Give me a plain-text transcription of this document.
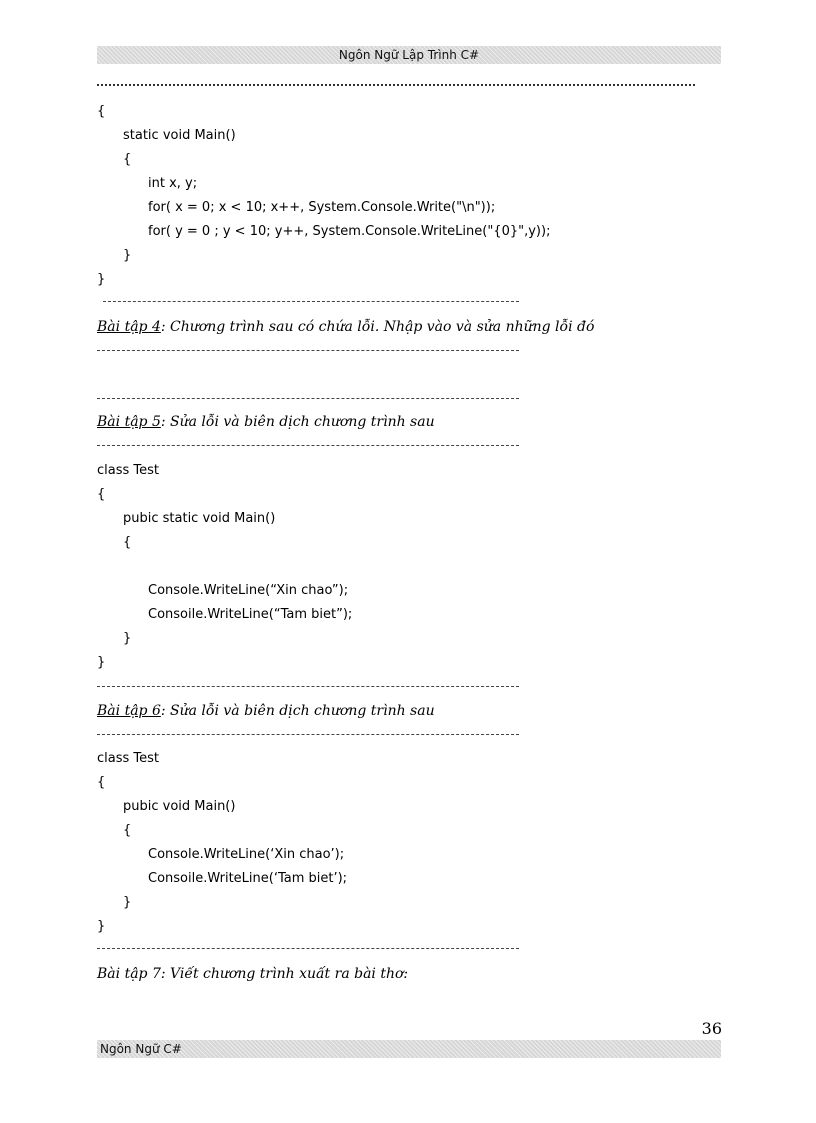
Ngôn Ngữ Lập Trình C#
{
static void Main()
{
int x, y;
for( x = 0; x < 10; x++, System.Console.Write("\n"));
for( y = 0 ; y < 10; y++, System.Console.WriteLine("{0}",y));
}
}
Bài tập 4: Chương trình sau có chứa lỗi. Nhập vào và sửa những lỗi đó
Bài tập 5: Sửa lỗi và biên dịch chương trình sau
class Test
{
pubic static void Main()
{
Console.WriteLine(“Xin chao”);
Consoile.WriteLine(“Tam biet”);
}
}
Bài tập 6: Sửa lỗi và biên dịch chương trình sau
class Test
{
pubic void Main()
{
Console.WriteLine(‘Xin chao’);
Consoile.WriteLine(‘Tam biet’);
}
}
Bài tập 7: Viết chương trình xuất ra bài thơ:
36
Ngôn Ngữ C#
